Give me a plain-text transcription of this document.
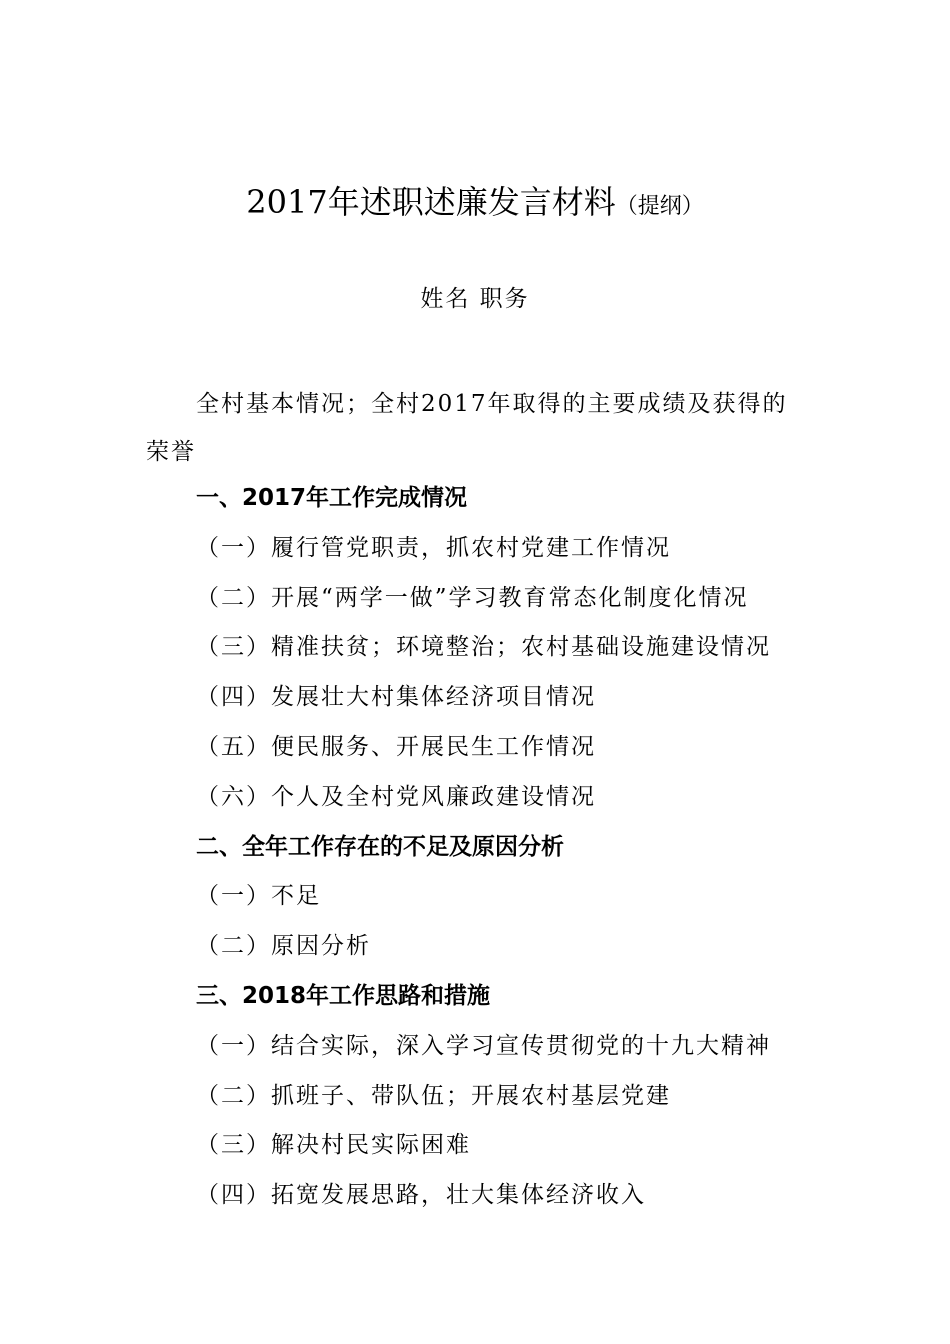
2017年述职述廉发言材料（提纲）
姓名 职务
全村基本情况；全村2017年取得的主要成绩及获得的
荣誉
一、2017年工作完成情况
（一）履行管党职责，抓农村党建工作情况
（二）开展“两学一做”学习教育常态化制度化情况
（三）精准扶贫；环境整治；农村基础设施建设情况
（四）发展壮大村集体经济项目情况
（五）便民服务、开展民生工作情况
（六）个人及全村党风廉政建设情况
二、全年工作存在的不足及原因分析
（一）不足
（二）原因分析
三、2018年工作思路和措施
（一）结合实际，深入学习宣传贯彻党的十九大精神
（二）抓班子、带队伍；开展农村基层党建
（三）解决村民实际困难
（四）拓宽发展思路，壮大集体经济收入
